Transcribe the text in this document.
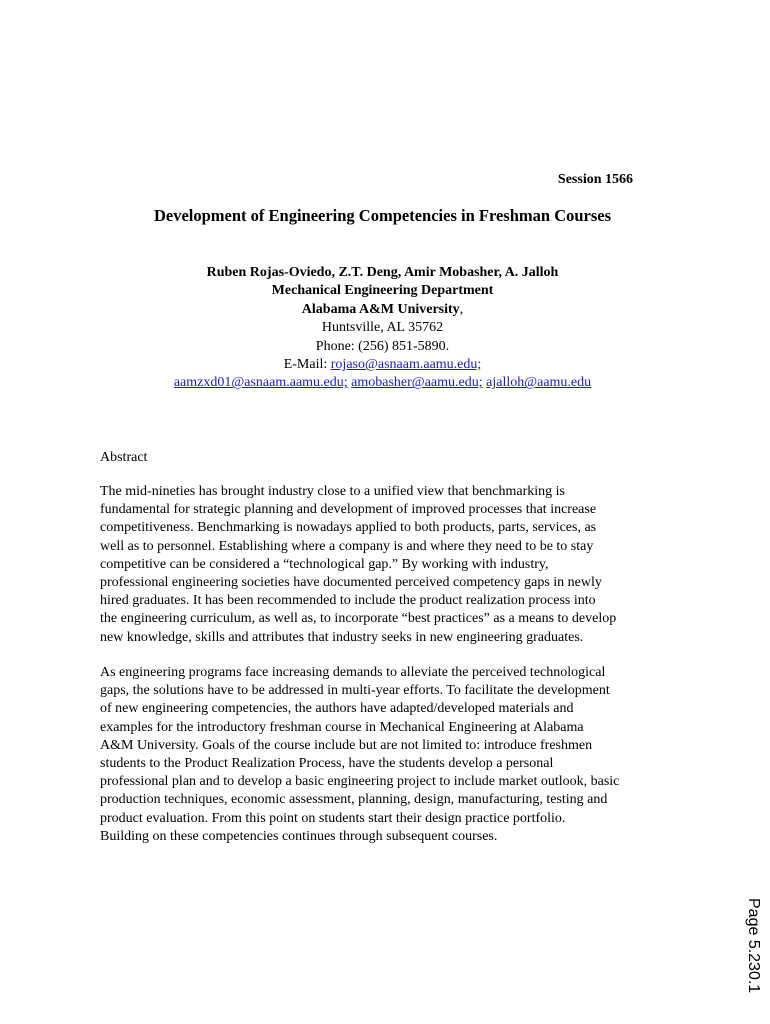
Session 1566
Development of Engineering Competencies in Freshman Courses
Ruben Rojas-Oviedo, Z.T. Deng, Amir Mobasher, A. Jalloh
Mechanical Engineering Department
Alabama A&M University,
Huntsville, AL 35762
Phone: (256) 851-5890.
E-Mail: rojaso@asnaam.aamu.edu;
aamzxd01@asnaam.aamu.edu; amobasher@aamu.edu; ajalloh@aamu.edu
Abstract
The mid-nineties has brought industry close to a unified view that benchmarking is
fundamental for strategic planning and development of improved processes that increase
competitiveness. Benchmarking is nowadays applied to both products, parts, services, as
well as to personnel. Establishing where a company is and where they need to be to stay
competitive can be considered a “technological gap.” By working with industry,
professional engineering societies have documented perceived competency gaps in newly
hired graduates. It has been recommended to include the product realization process into
the engineering curriculum, as well as, to incorporate “best practices” as a means to develop
new knowledge, skills and attributes that industry seeks in new engineering graduates.
As engineering programs face increasing demands to alleviate the perceived technological
gaps, the solutions have to be addressed in multi-year efforts. To facilitate the development
of new engineering competencies, the authors have adapted/developed materials and
examples for the introductory freshman course in Mechanical Engineering at Alabama
A&M University. Goals of the course include but are not limited to: introduce freshmen
students to the Product Realization Process, have the students develop a personal
professional plan and to develop a basic engineering project to include market outlook, basic
production techniques, economic assessment, planning, design, manufacturing, testing and
product evaluation. From this point on students start their design practice portfolio.
Building on these competencies continues through subsequent courses.
Page 5.230.1
